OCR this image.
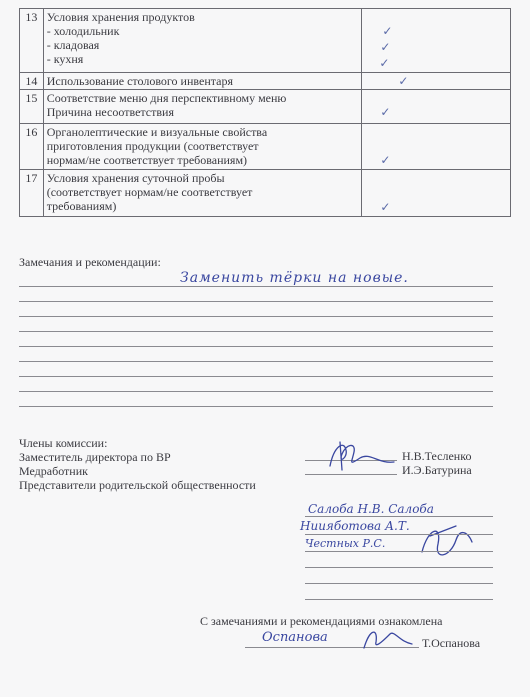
13	Условия хранения продуктов
- холодильник
- кладовая
- кухня	✓
✓
✓

14	Использование столового инвентаря	✓

15	Соответствие меню дня перспективному меню
Причина несоответствия	✓

16	Органолептические и визуальные свойства
приготовления продукции (соответствует
нормам/не соответствует требованиям)	✓

17	Условия хранения суточной пробы
(соответствует нормам/не соответствует
требованиям)	✓
Замечания и рекомендации:
Заменить тёрки на новые.
Члены комиссии:
Заместитель директора по ВР
Медработник
Представители родительской общественности
Н.В.Тесленко
И.Э.Батурина
Салоба Н.В. Салоба
Ниияботова А.Т.
Честных Р.С.
С замечаниями и рекомендациями ознакомлена
Оспанова	Т.Оспанова
